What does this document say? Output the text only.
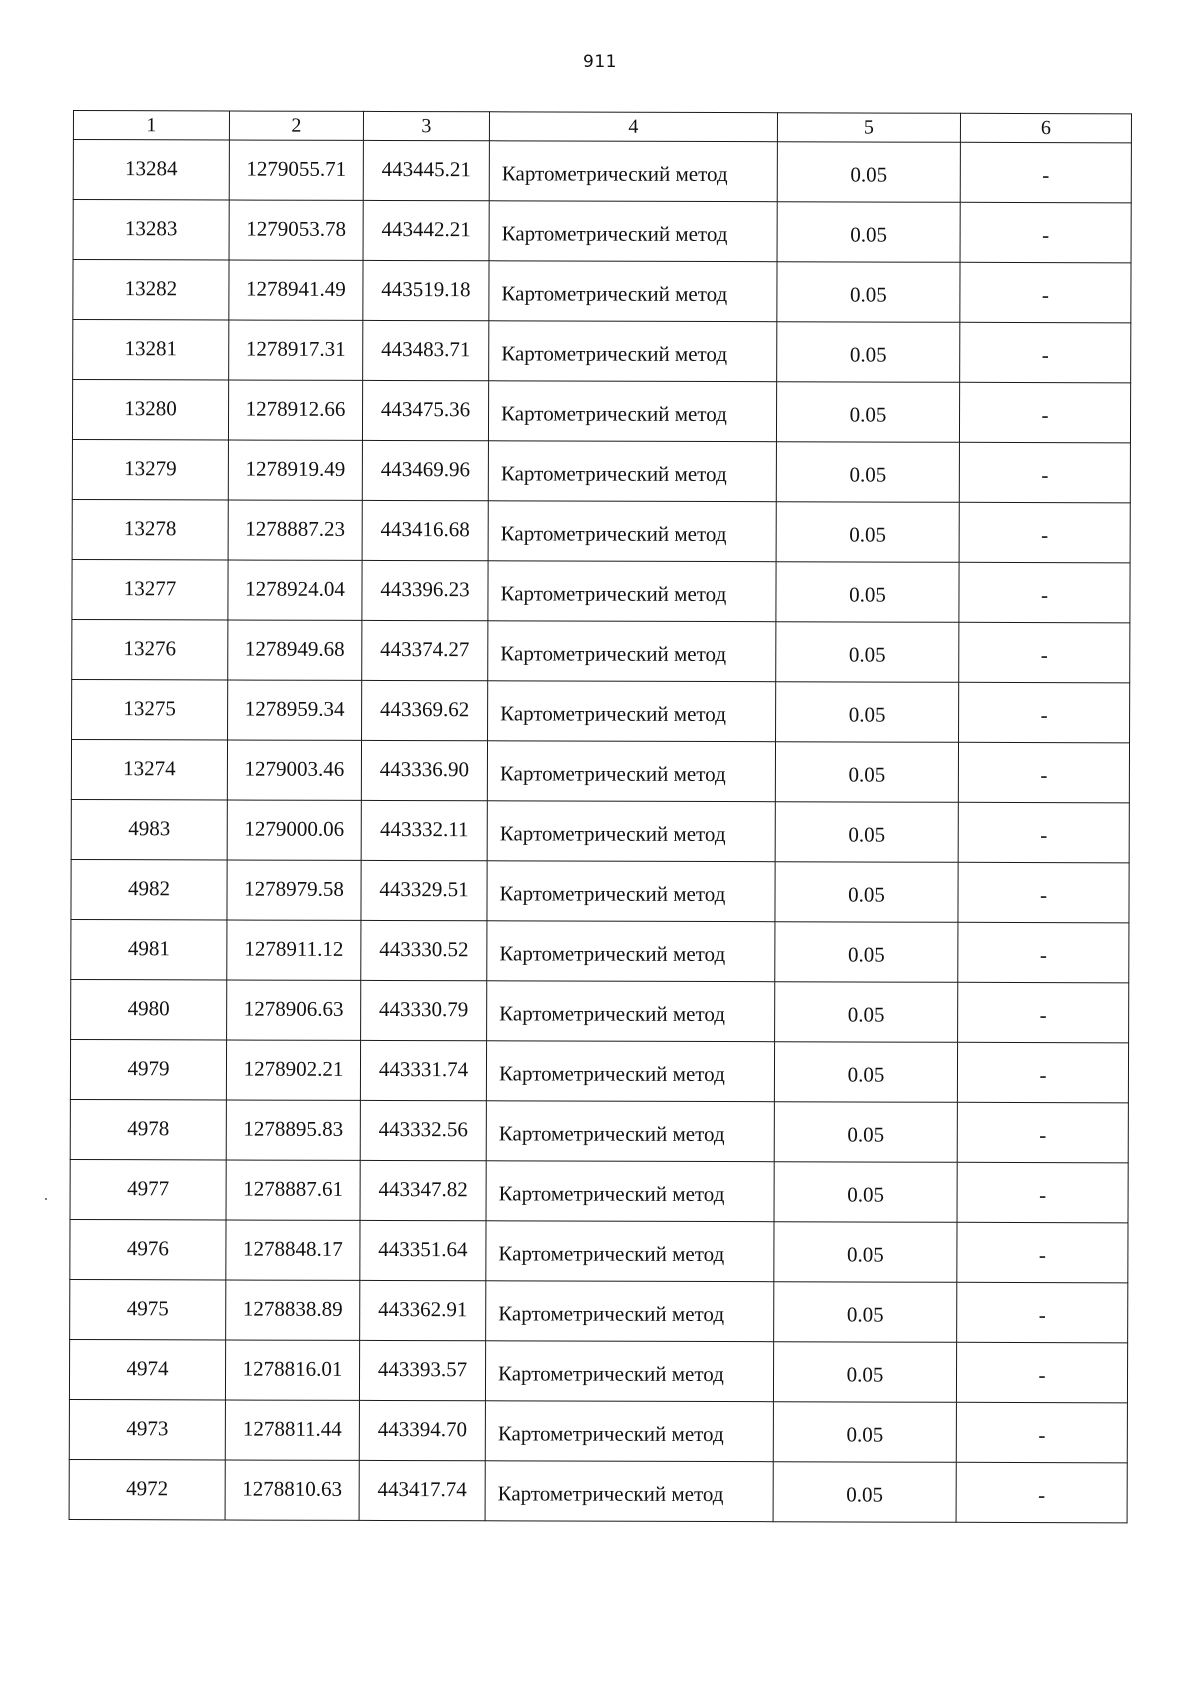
911
1	2	3	4	5	6
13284	1279055.71	443445.21	Картометрический метод	0.05	-
13283	1279053.78	443442.21	Картометрический метод	0.05	-
13282	1278941.49	443519.18	Картометрический метод	0.05	-
13281	1278917.31	443483.71	Картометрический метод	0.05	-
13280	1278912.66	443475.36	Картометрический метод	0.05	-
13279	1278919.49	443469.96	Картометрический метод	0.05	-
13278	1278887.23	443416.68	Картометрический метод	0.05	-
13277	1278924.04	443396.23	Картометрический метод	0.05	-
13276	1278949.68	443374.27	Картометрический метод	0.05	-
13275	1278959.34	443369.62	Картометрический метод	0.05	-
13274	1279003.46	443336.90	Картометрический метод	0.05	-
4983	1279000.06	443332.11	Картометрический метод	0.05	-
4982	1278979.58	443329.51	Картометрический метод	0.05	-
4981	1278911.12	443330.52	Картометрический метод	0.05	-
4980	1278906.63	443330.79	Картометрический метод	0.05	-
4979	1278902.21	443331.74	Картометрический метод	0.05	-
4978	1278895.83	443332.56	Картометрический метод	0.05	-
4977	1278887.61	443347.82	Картометрический метод	0.05	-
4976	1278848.17	443351.64	Картометрический метод	0.05	-
4975	1278838.89	443362.91	Картометрический метод	0.05	-
4974	1278816.01	443393.57	Картометрический метод	0.05	-
4973	1278811.44	443394.70	Картометрический метод	0.05	-
4972	1278810.63	443417.74	Картометрический метод	0.05	-
